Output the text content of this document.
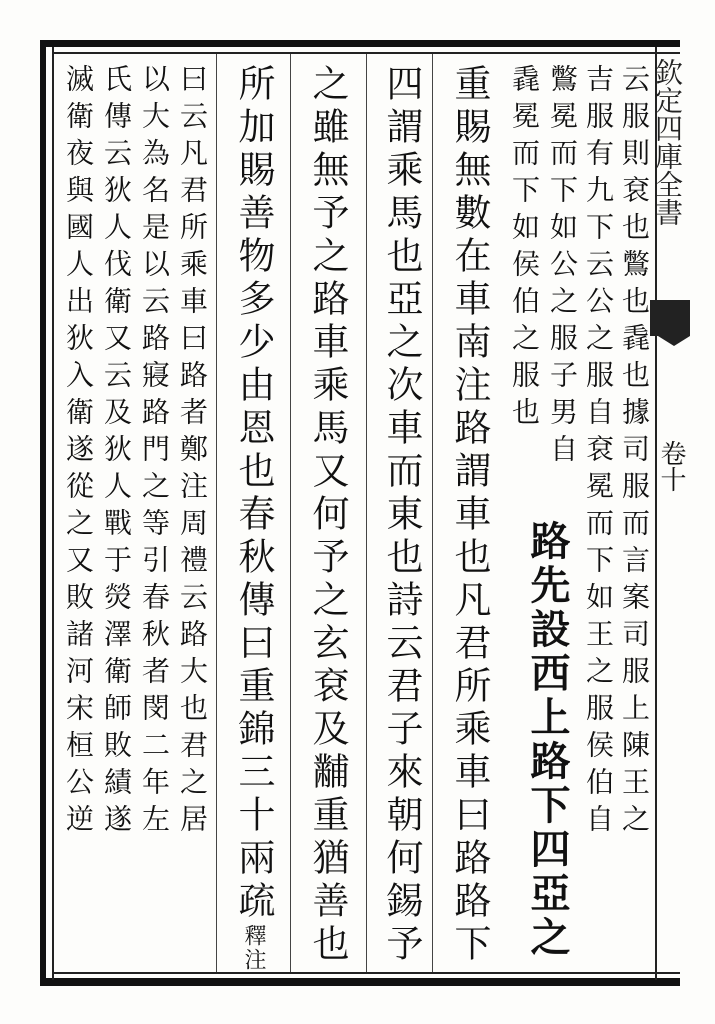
欽定四庫全書
卷十
云服則袞也鷩也毳也據司服而言案司服上陳王之
吉服有九下云公之服自袞冕而下如王之服侯伯自
鷩冕而下如公之服子男自
路先設西上路下四亞之
毳冕而下如侯伯之服也
重賜無數在車南注路謂車也凡君所乘車曰路路下
四謂乘馬也亞之次車而東也詩云君子來朝何錫予
之雖無予之路車乘馬又何予之玄袞及黼重猶善也
所加賜善物多少由恩也春秋傳曰重錦三十兩疏釋注
曰云凡君所乘車曰路者鄭注周禮云路大也君之居
以大為名是以云路寢路門之等引春秋者閔二年左
氏傳云狄人伐衛又云及狄人戰于熒澤衛師敗績遂
滅衛夜與國人出狄入衛遂從之又敗諸河宋桓公逆
